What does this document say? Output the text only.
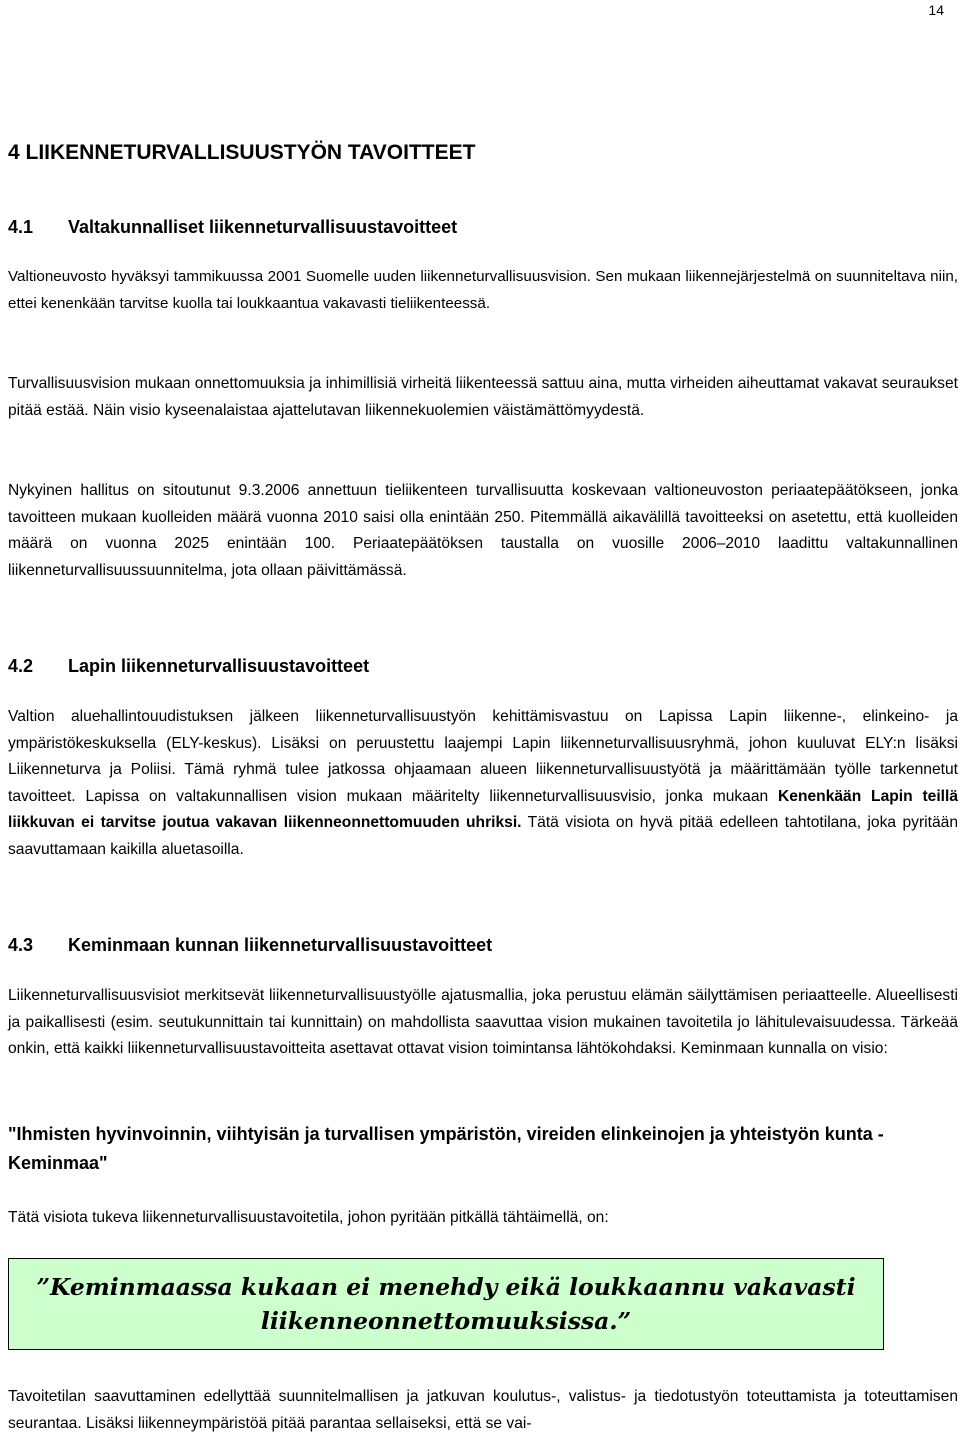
14
4 LIIKENNETURVALLISUUSTYÖN TAVOITTEET
4.1 Valtakunnalliset liikenneturvallisuustavoitteet
Valtioneuvosto hyväksyi tammikuussa 2001 Suomelle uuden liikenneturvallisuusvision. Sen mukaan liikennejärjestelmä on suunniteltava niin, ettei kenenkään tarvitse kuolla tai loukkaantua vakavasti tieliikenteessä.
Turvallisuusvision mukaan onnettomuuksia ja inhimillisiä virheitä liikenteessä sattuu aina, mutta virheiden aiheuttamat vakavat seuraukset pitää estää. Näin visio kyseenalaistaa ajattelutavan liikennekuolemien väistämättömyydestä.
Nykyinen hallitus on sitoutunut 9.3.2006 annettuun tieliikenteen turvallisuutta koskevaan valtioneuvoston periaatepäätökseen, jonka tavoitteen mukaan kuolleiden määrä vuonna 2010 saisi olla enintään 250. Pitemmällä aikavälillä tavoitteeksi on asetettu, että kuolleiden määrä on vuonna 2025 enintään 100. Periaatepäätöksen taustalla on vuosille 2006–2010 laadittu valtakunnallinen liikenneturvallisuussuunnitelma, jota ollaan päivittämässä.
4.2 Lapin liikenneturvallisuustavoitteet
Valtion aluehallintouudistuksen jälkeen liikenneturvallisuustyön kehittämisvastuu on Lapissa Lapin liikenne-, elinkeino- ja ympäristökeskuksella (ELY-keskus). Lisäksi on peruustettu laajempi Lapin liikenneturvallisuusryhmä, johon kuuluvat ELY:n lisäksi Liikenneturva ja Poliisi. Tämä ryhmä tulee jatkossa ohjaamaan alueen liikenneturvallisuustyötä ja määrittämään työlle tarkennetut tavoitteet. Lapissa on valtakunnallisen vision mukaan määritelty liikenneturvallisuusvisio, jonka mukaan Kenenkään Lapin teillä liikkuvan ei tarvitse joutua vakavan liikenneonnettomuuden uhriksi. Tätä visiota on hyvä pitää edelleen tahtotilana, joka pyritään saavuttamaan kaikilla aluetasoilla.
4.3 Keminmaan kunnan liikenneturvallisuustavoitteet
Liikenneturvallisuusvisiot merkitsevät liikenneturvallisuustyölle ajatusmallia, joka perustuu elämän säilyttämisen periaatteelle. Alueellisesti ja paikallisesti (esim. seutukunnittain tai kunnittain) on mahdollista saavuttaa vision mukainen tavoitetila jo lähitulevaisuudessa. Tärkeää onkin, että kaikki liikenneturvallisuustavoitteita asettavat ottavat vision toimintansa lähtökohdaksi. Keminmaan kunnalla on visio:
"Ihmisten hyvinvoinnin, viihtyisän ja turvallisen ympäristön, vireiden elinkeinojen ja yhteistyön kunta - Keminmaa"
Tätä visiota tukeva liikenneturvallisuustavoitetila, johon pyritään pitkällä tähtäimellä, on:
”Keminmaassa kukaan ei menehdy eikä loukkaannu vakavasti
liikenneonnettomuuksissa.”
Tavoitetilan saavuttaminen edellyttää suunnitelmallisen ja jatkuvan koulutus-, valistus- ja tiedotustyön toteuttamista ja toteuttamisen seurantaa. Lisäksi liikenneympäristöä pitää parantaa sellaiseksi, että se vai-
